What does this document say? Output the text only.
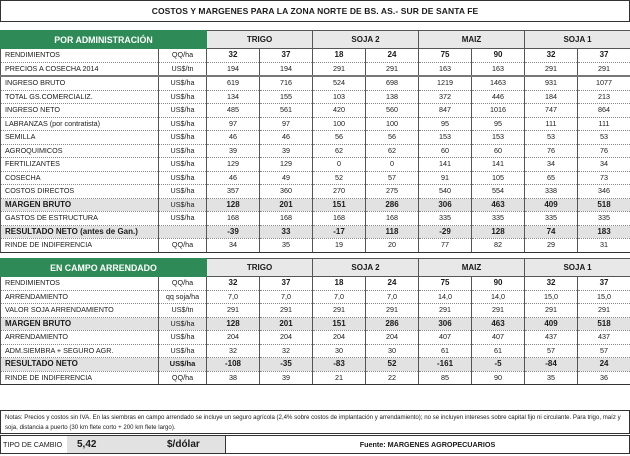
COSTOS Y MARGENES PARA LA ZONA NORTE DE BS. AS.- SUR DE SANTA FE
POR ADMINISTRACIÓN		TRIGO		SOJA 2		MAIZ		SOJA 1	
RENDIMIENTOS	QQ/ha	32	37	18	24	75	90	32	37
PRECIOS A COSECHA 2014	US$/tn	194	194	291	291	163	163	291	291
INGRESO BRUTO	US$/ha	619	716	524	698	1219	1463	931	1077
TOTAL GS.COMERCIALIZ.	US$/ha	134	155	103	138	372	446	184	213
INGRESO NETO	US$/ha	485	561	420	560	847	1016	747	864
LABRANZAS (por contratista)	US$/ha	97	97	100	100	95	95	111	111
SEMILLA	US$/ha	46	46	56	56	153	153	53	53
AGROQUIMICOS	US$/ha	39	39	62	62	60	60	76	76
FERTILIZANTES	US$/ha	129	129	0	0	141	141	34	34
COSECHA	US$/ha	46	49	52	57	91	105	65	73
COSTOS DIRECTOS	US$/ha	357	360	270	275	540	554	338	346
MARGEN BRUTO	US$/ha	128	201	151	286	306	463	409	518
GASTOS DE ESTRUCTURA	US$/ha	168	168	168	168	335	335	335	335
RESULTADO NETO (antes de Gan.)		-39	33	-17	118	-29	128	74	183
RINDE DE INDIFERENCIA	QQ/ha	34	35	19	20	77	82	29	31
EN CAMPO ARRENDADO		TRIGO		SOJA 2		MAIZ		SOJA 1	
RENDIMIENTOS	QQ/ha	32	37	18	24	75	90	32	37
ARRENDAMIENTO	qq soja/ha	7,0	7,0	7,0	7,0	14,0	14,0	15,0	15,0
VALOR SOJA ARRENDAMIENTO	US$/tn	291	291	291	291	291	291	291	291
MARGEN BRUTO	US$/ha	128	201	151	286	306	463	409	518
ARRENDAMIENTO	US$/ha	204	204	204	204	407	407	437	437
ADM.SIEMBRA + SEGURO AGR.	US$/ha	32	32	30	30	61	61	57	57
RESULTADO NETO	US$/ha	-108	-35	-83	52	-161	-5	-84	24
RINDE DE INDIFERENCIA	QQ/ha	38	39	21	22	85	90	35	36
Notas: Precios y costos sin IVA. En las siembras en campo arrendado se incluye un seguro agrícola (2,4% sobre costos de implantación y arrendamiento); no se incluyen intereses sobre capital fijo ni circulante. Para trigo, maíz y soja, distancia a puerto (30 km flete corto + 200 km flete largo).
TIPO DE CAMBIO	5,42	$/dólar	Fuente: MARGENES AGROPECUARIOS
